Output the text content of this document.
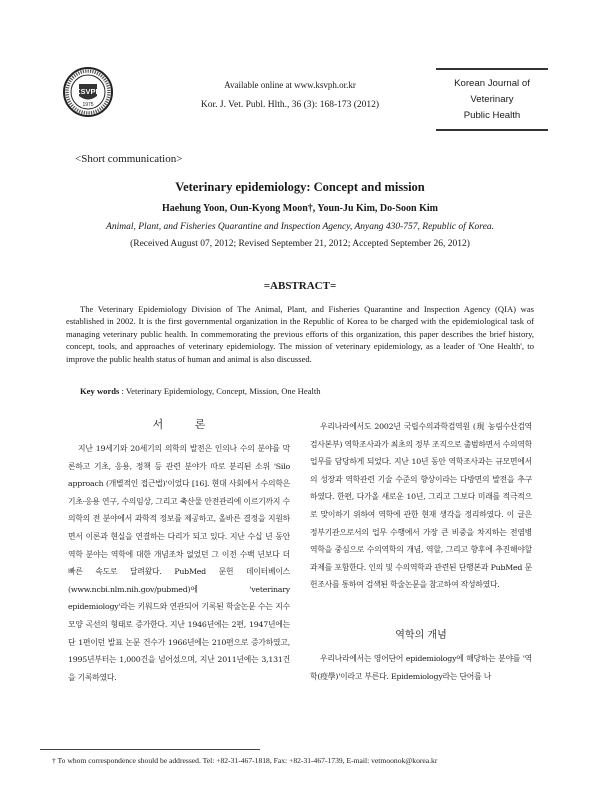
KSVPH
1975
Available online at www.ksvph.or.kr
Kor. J. Vet. Publ. Hlth., 36 (3): 168-173 (2012)
Korean Journal of
Veterinary
Public Health
<Short communication>
Veterinary epidemiology: Concept and mission
Haehung Yoon, Oun-Kyong Moon†, Youn-Ju Kim, Do-Soon Kim
Animal, Plant, and Fisheries Quarantine and Inspection Agency, Anyang 430-757, Republic of Korea.
(Received August 07, 2012; Revised September 21, 2012; Accepted September 26, 2012)
=ABSTRACT=
The Veterinary Epidemiology Division of The Animal, Plant, and Fisheries Quarantine and Inspection Agency (QIA) was established in 2002. It is the first governmental organization in the Republic of Korea to be charged with the epidemiological task of managing veterinary public health. In commemorating the previous efforts of this organization, this paper describes the brief history, concept, tools, and approaches of veterinary epidemiology. The mission of veterinary epidemiology, as a leader of 'One Health', to improve the public health status of human and animal is also discussed.
Key words : Veterinary Epidemiology, Concept, Mission, One Health
서 론

지난 19세기와 20세기의 의학의 발전은 인의나 수의 분야를 막론하고 기초, 응용, 정책 등 관련 분야가 따로 분리된 소위 'Silo approach (개별적인 접근법)'이었다 [16]. 현대 사회에서 수의학은 기초·응용 연구, 수의임상, 그리고 축산물 안전관리에 이르기까지 수의학의 전 분야에서 과학적 정보를 제공하고, 올바른 결정을 지원하면서 이론과 현실을 연결하는 다리가 되고 있다. 지난 수십 년 동안 역학 분야는 역학에 대한 개념조차 없었던 그 이전 수백 년보다 더 빠른 속도로 달려왔다. PubMed 문헌 데이터베이스(www.ncbi.nlm.nih.gov/pubmed)에 'veterinary epidemiology'라는 키워드와 연관되어 기록된 학술논문 수는 지수 모양 곡선의 형태로 증가한다. 지난 1946년에는 2편, 1947년에는 단 1편이던 발표 논문 건수가 1966년에는 210편으로 증가하였고, 1995년부터는 1,000건을 넘어섰으며, 지난 2011년에는 3,131건을 기록하였다.

우리나라에서도 2002년 국립수의과학검역원 (現 농림수산검역검사본부) 역학조사과가 최초의 정부 조직으로 출범하면서 수의역학 업무를 담당하게 되었다. 지난 10년 동안 역학조사과는 규모면에서의 성장과 역학관련 기술 수준의 향상이라는 다방면의 발전을 추구하였다. 한편, 다가올 새로운 10년, 그리고 그보다 미래를 적극적으로 맞이하기 위하여 역학에 관한 현재 생각을 정리하였다. 이 글은 정부기관으로서의 업무 수행에서 가장 큰 비중을 차지하는 전염병 역학을 중심으로 수의역학의 개념, 역할, 그리고 향후에 추진해야할 과제를 포함한다. 인의 및 수의역학과 관련된 단행본과 PubMed 문헌조사를 통하여 검색된 학술논문을 참고하여 작성하였다.

역학의 개념

우리나라에서는 영어단어 epidemiology에 해당하는 분야를 '역학(疫學)'이라고 부른다. Epidemiology라는 단어를 나

† To whom correspondence should be addressed. Tel: +82-31-467-1818, Fax: +82-31-467-1739, E-mail: vetmoonok@korea.kr
